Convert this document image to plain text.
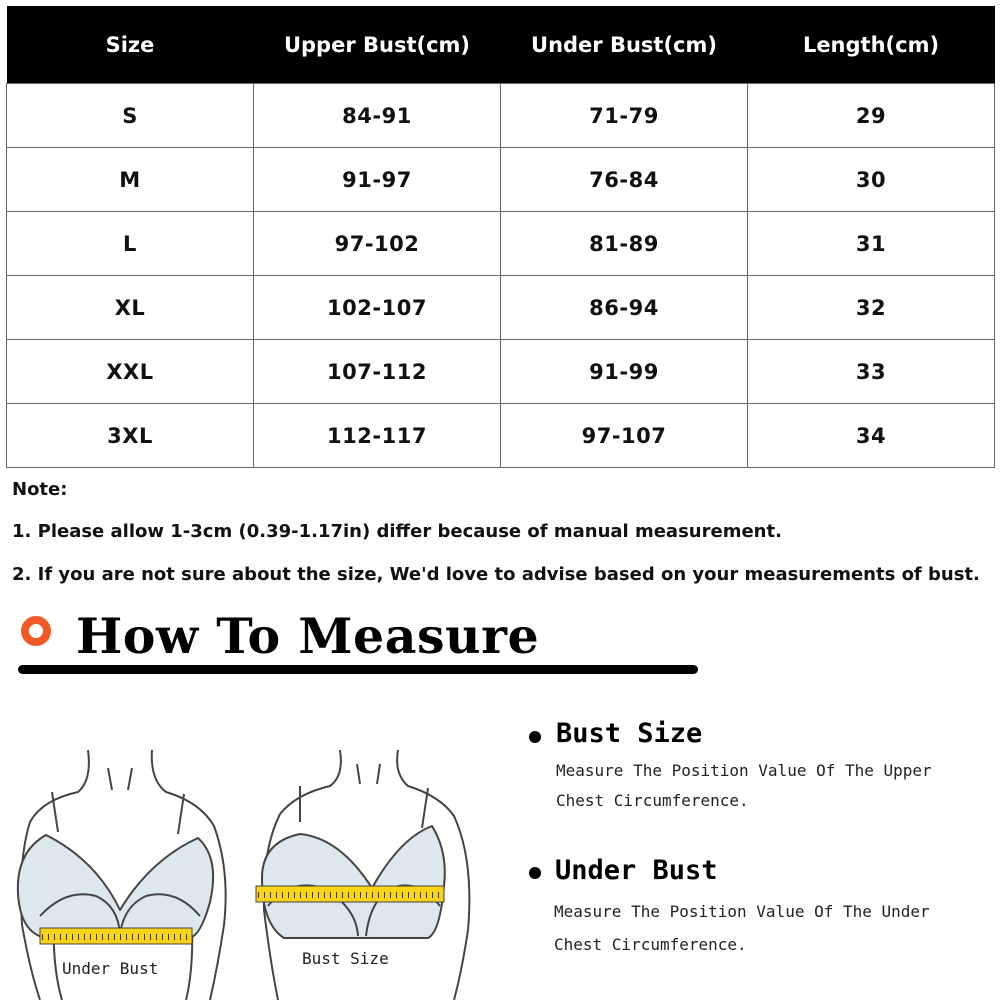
Size	Upper Bust(cm)	Under Bust(cm)	Length(cm)
S	84-91	71-79	29
M	91-97	76-84	30
L	97-102	81-89	31
XL	102-107	86-94	32
XXL	107-112	91-99	33
3XL	112-117	97-107	34
Note:
1. Please allow 1-3cm (0.39-1.17in) differ because of manual measurement.
2. If you are not sure about the size, We'd love to advise based on your measurements of bust.
How To Measure
Under Bust
Bust Size
Bust Size
Measure The Position Value Of The Upper
Chest Circumference.
Under Bust
Measure The Position Value Of The Under
Chest Circumference.
